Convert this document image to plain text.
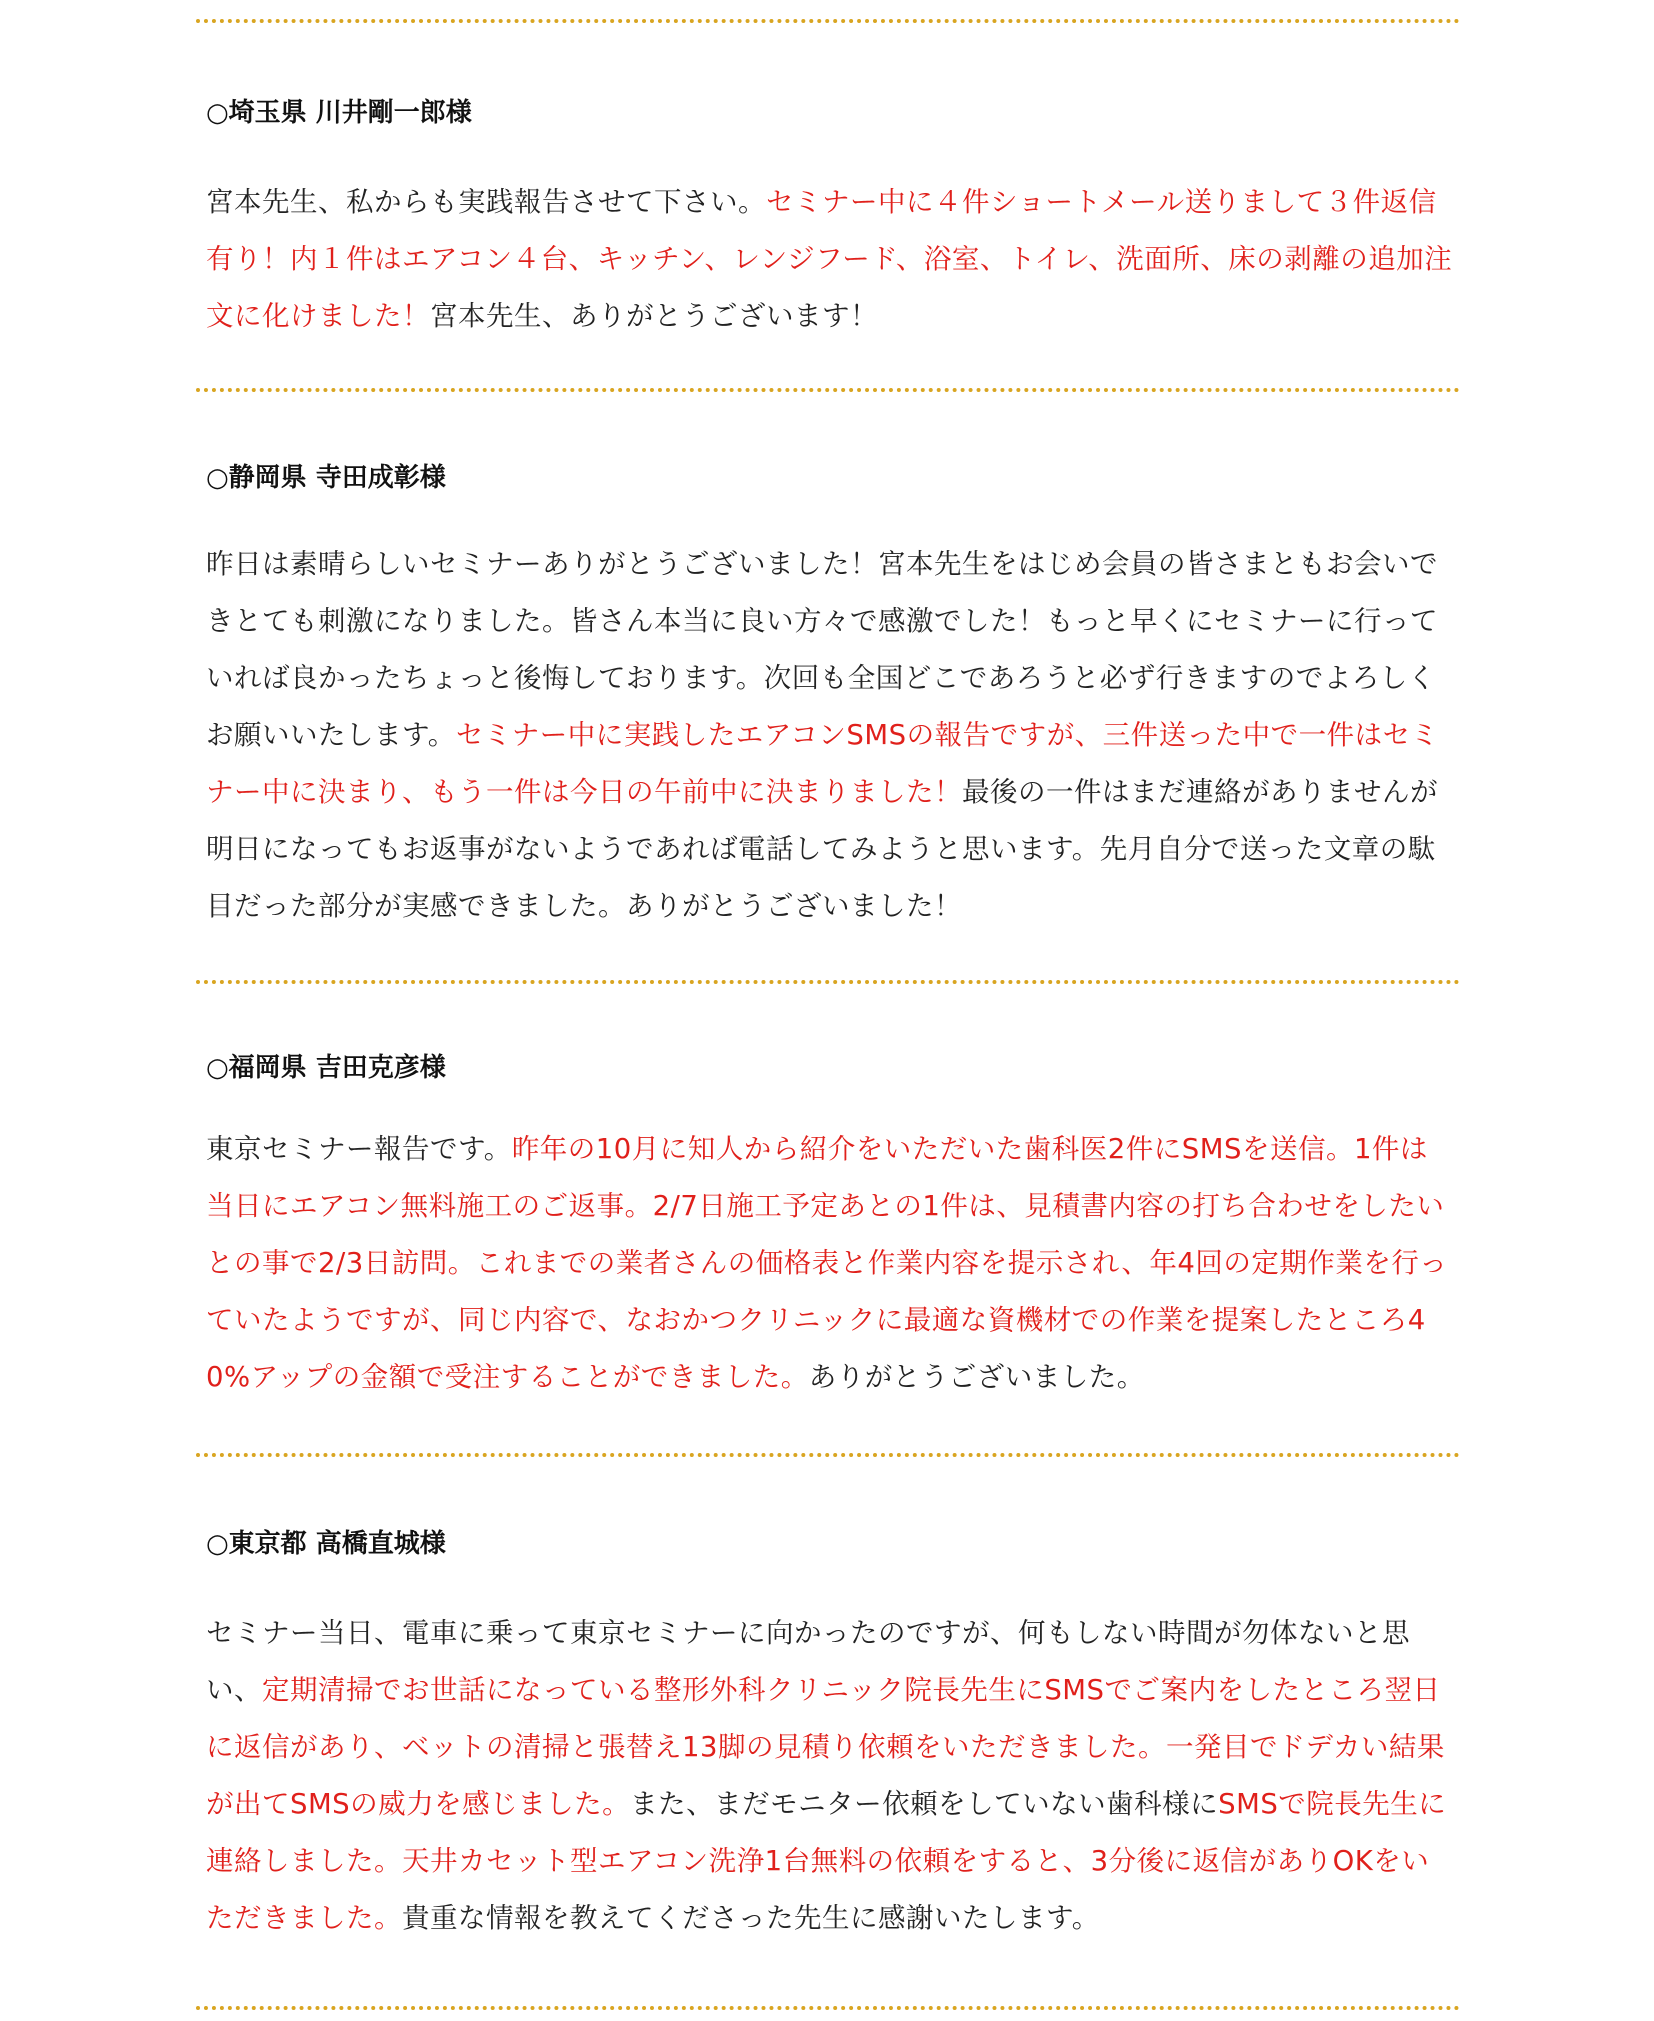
○埼玉県 川井剛一郎様

宮本先生、私からも実践報告させて下さい。セミナー中に４件ショートメール送りまして３件返信有り！内１件はエアコン４台、キッチン、レンジフード、浴室、トイレ、洗面所、床の剥離の追加注文に化けました！宮本先生、ありがとうございます！

○静岡県 寺田成彰様

昨日は素晴らしいセミナーありがとうございました！宮本先生をはじめ会員の皆さまともお会いできとても刺激になりました。皆さん本当に良い方々で感激でした！もっと早くにセミナーに行っていれば良かったちょっと後悔しております。次回も全国どこであろうと必ず行きますのでよろしくお願いいたします。セミナー中に実践したエアコンSMSの報告ですが、三件送った中で一件はセミナー中に決まり、もう一件は今日の午前中に決まりました！最後の一件はまだ連絡がありませんが明日になってもお返事がないようであれば電話してみようと思います。先月自分で送った文章の駄目だった部分が実感できました。ありがとうございました！

○福岡県 吉田克彦様

東京セミナー報告です。昨年の10月に知人から紹介をいただいた歯科医2件にSMSを送信。1件は当日にエアコン無料施工のご返事。2/7日施工予定あとの1件は、見積書内容の打ち合わせをしたいとの事で2/3日訪問。これまでの業者さんの価格表と作業内容を提示され、年4回の定期作業を行っていたようですが、同じ内容で、なおかつクリニックに最適な資機材での作業を提案したところ40%アップの金額で受注することができました。ありがとうございました。

○東京都 高橋直城様

セミナー当日、電車に乗って東京セミナーに向かったのですが、何もしない時間が勿体ないと思い、定期清掃でお世話になっている整形外科クリニック院長先生にSMSでご案内をしたところ翌日に返信があり、ベットの清掃と張替え13脚の見積り依頼をいただきました。一発目でドデカい結果が出てSMSの威力を感じました。また、まだモニター依頼をしていない歯科様にSMSで院長先生に連絡しました。天井カセット型エアコン洗浄1台無料の依頼をすると、3分後に返信がありOKをいただきました。貴重な情報を教えてくださった先生に感謝いたします。
